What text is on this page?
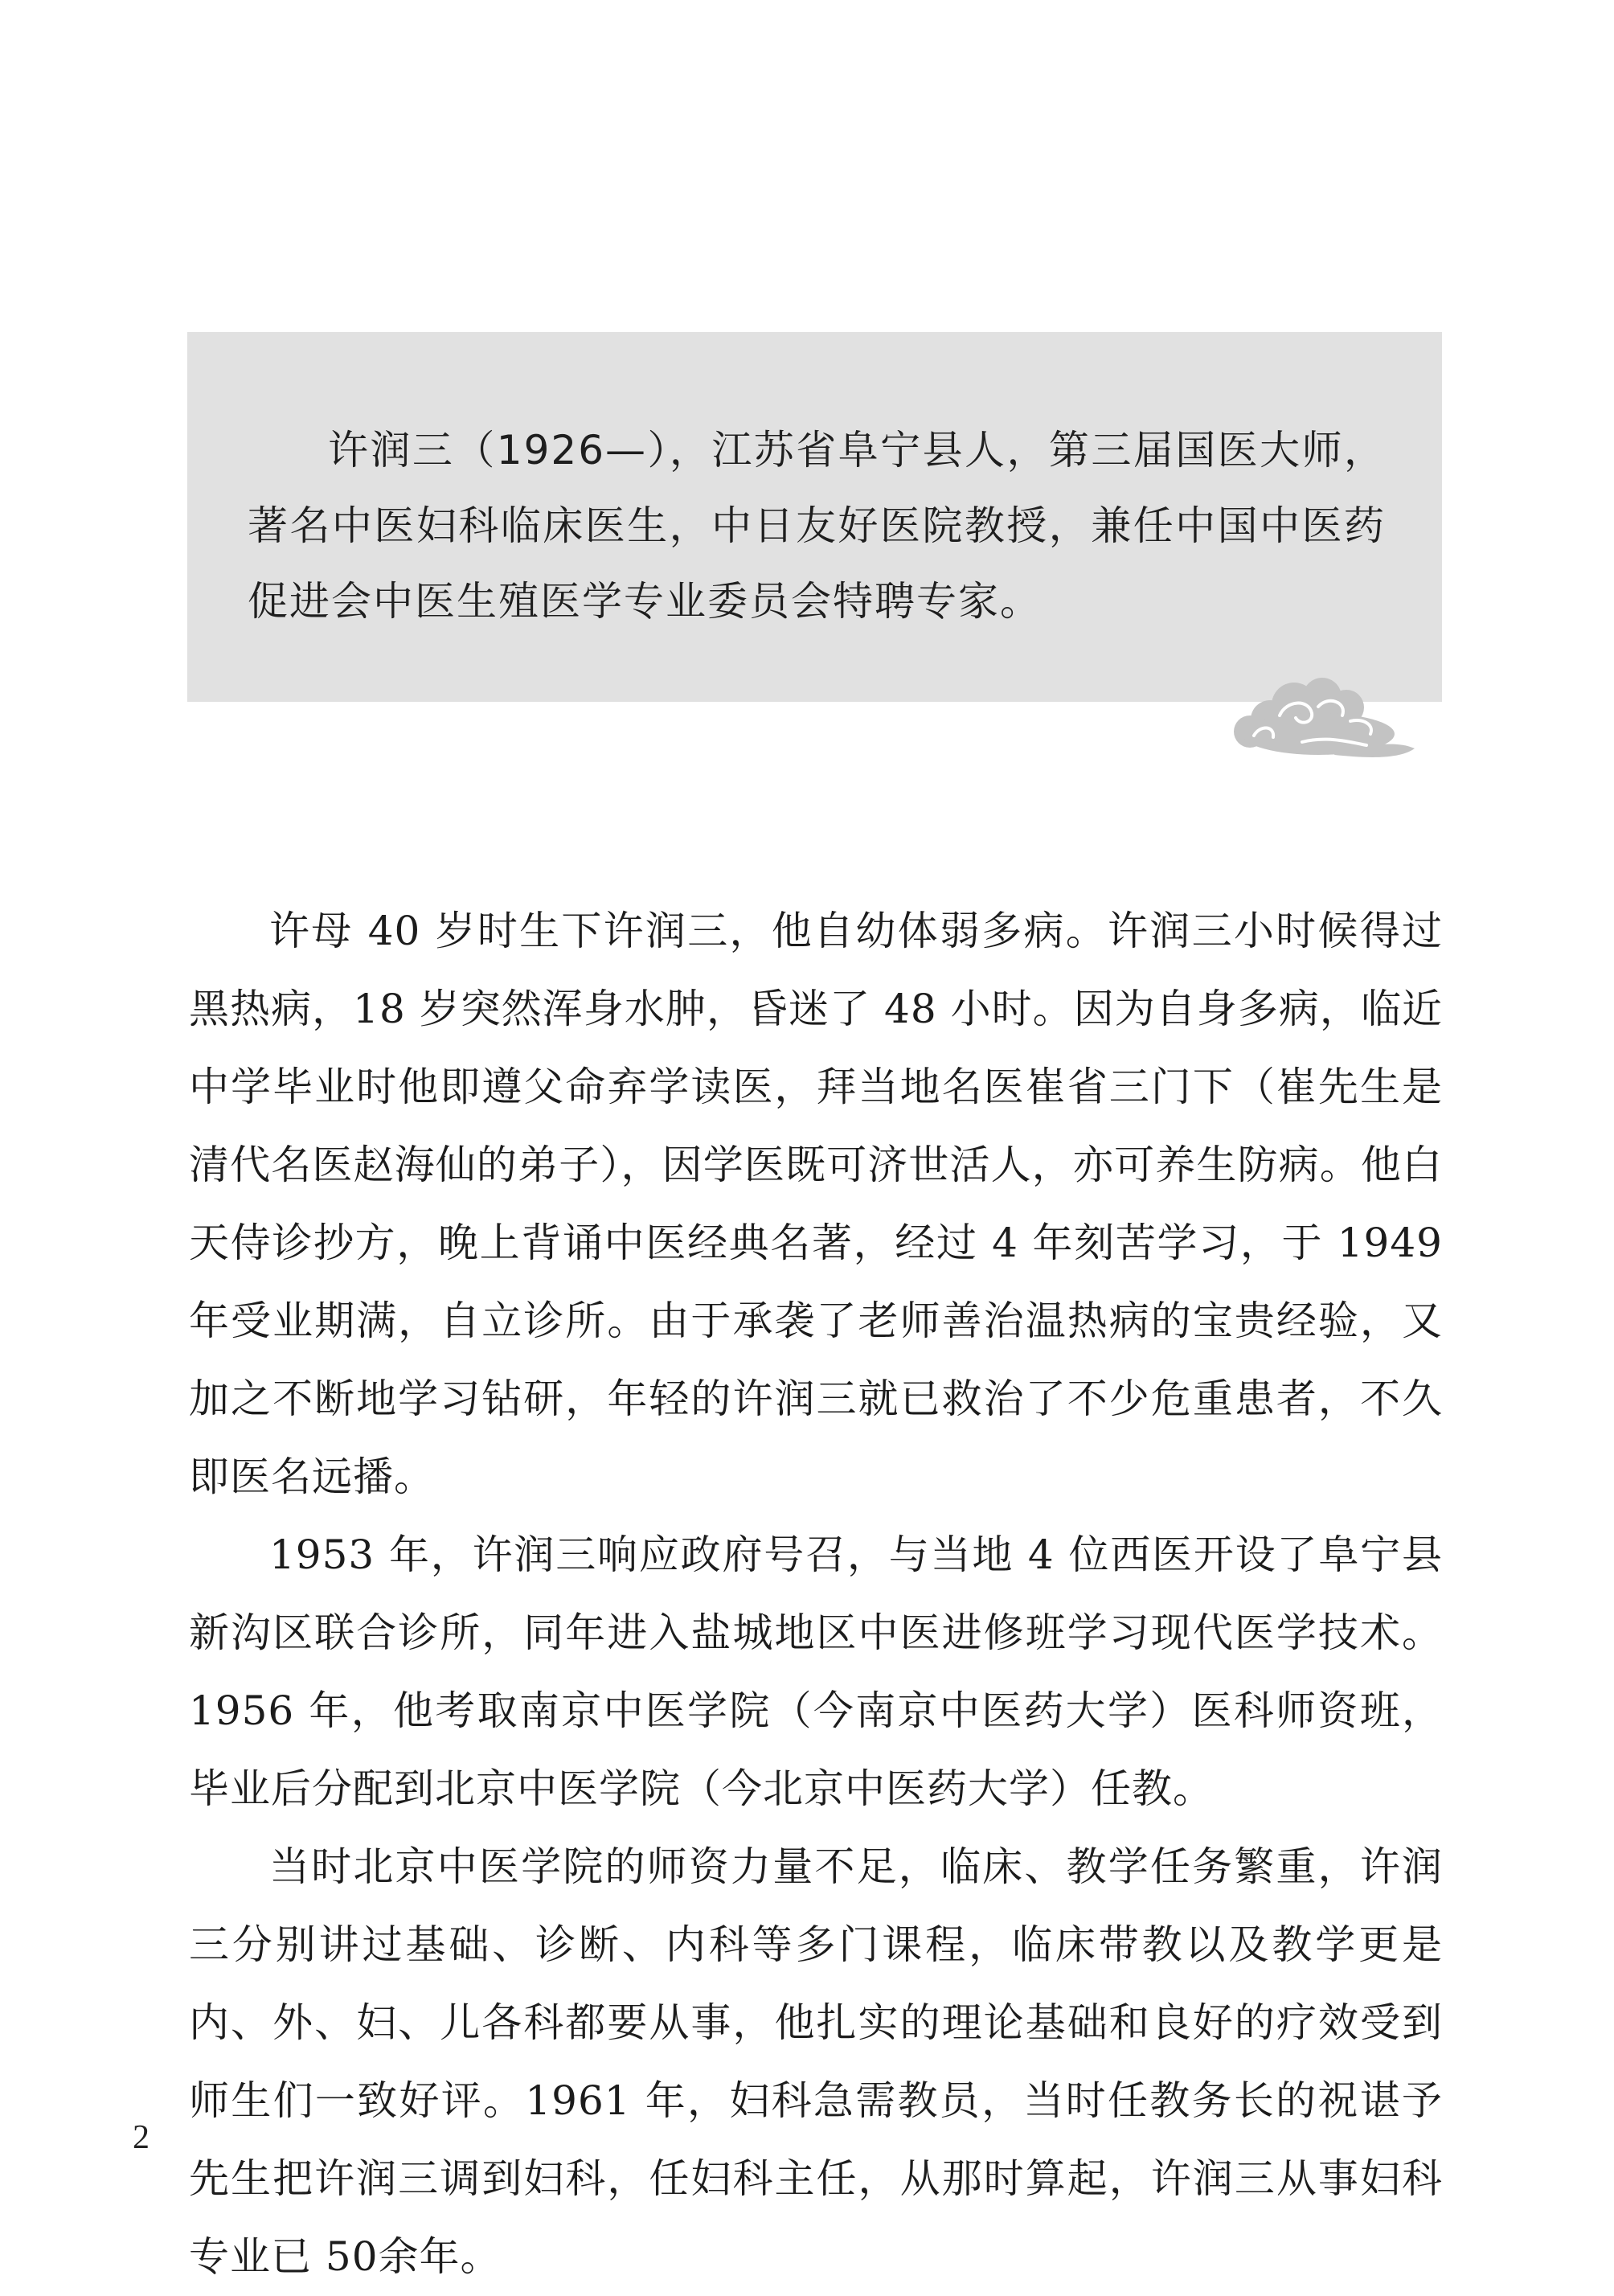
许润三（1926—），江苏省阜宁县人，第三届国医大师，著名中医妇科临床医生，中日友好医院教授，兼任中国中医药促进会中医生殖医学专业委员会特聘专家。

许母 40 岁时生下许润三，他自幼体弱多病。许润三小时候得过黑热病，18 岁突然浑身水肿，昏迷了 48 小时。因为自身多病，临近中学毕业时他即遵父命弃学读医，拜当地名医崔省三门下（崔先生是清代名医赵海仙的弟子），因学医既可济世活人，亦可养生防病。他白天侍诊抄方，晚上背诵中医经典名著，经过 4 年刻苦学习，于 1949 年受业期满，自立诊所。由于承袭了老师善治温热病的宝贵经验，又加之不断地学习钻研，年轻的许润三就已救治了不少危重患者，不久即医名远播。

1953 年，许润三响应政府号召，与当地 4 位西医开设了阜宁县新沟区联合诊所，同年进入盐城地区中医进修班学习现代医学技术。1956 年，他考取南京中医学院（今南京中医药大学）医科师资班，毕业后分配到北京中医学院（今北京中医药大学）任教。

当时北京中医学院的师资力量不足，临床、教学任务繁重，许润三分别讲过基础、诊断、内科等多门课程，临床带教以及教学更是内、外、妇、儿各科都要从事，他扎实的理论基础和良好的疗效受到师生们一致好评。1961 年，妇科急需教员，当时任教务长的祝谌予先生把许润三调到妇科，任妇科主任，从那时算起，许润三从事妇科专业已 50余年。

2
